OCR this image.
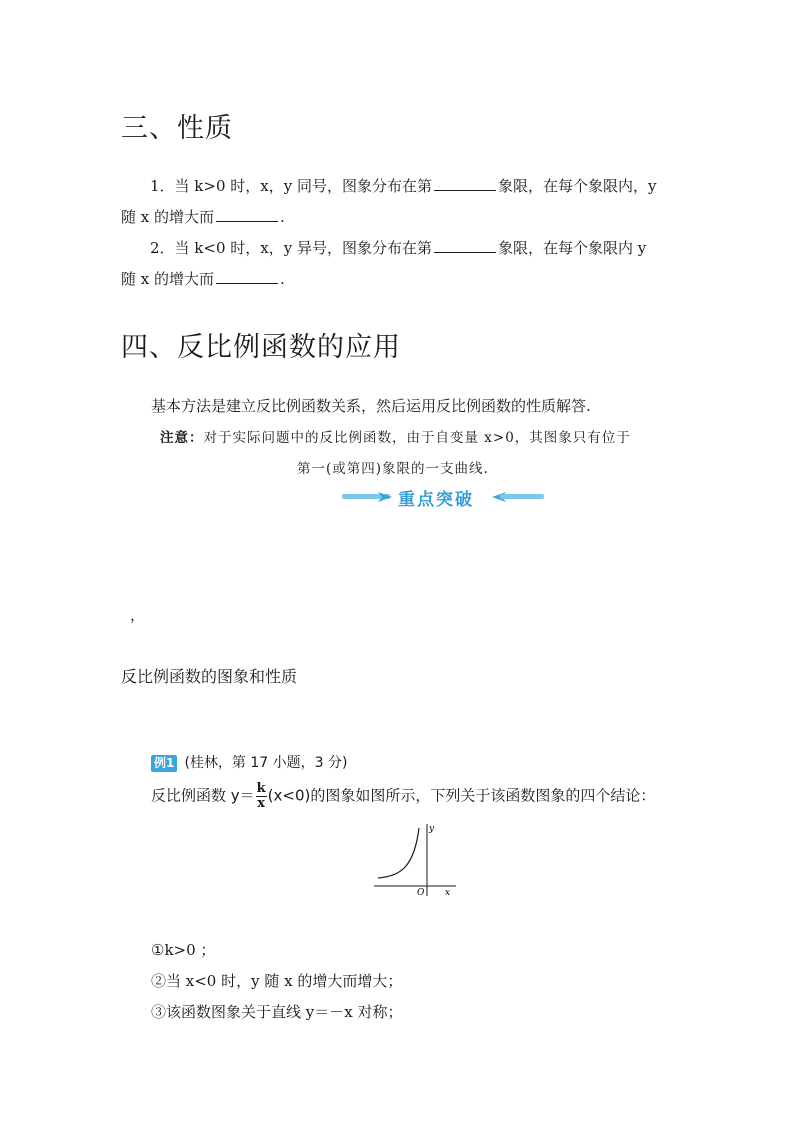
三、性质
1．当 k>0 时，x，y 同号，图象分布在第	象限，在每个象限内，y
随 x 的增大而	.
2．当 k<0 时，x，y 异号，图象分布在第	象限，在每个象限内 y
随 x 的增大而	.
四、反比例函数的应用
基本方法是建立反比例函数关系，然后运用反比例函数的性质解答.
注意：对于实际问题中的反比例函数，由于自变量 x>0，其图象只有位于
第一(或第四)象限的一支曲线.
重点突破
，
反比例函数的图象和性质
例1 (桂林，第 17 小题，3 分)
反比例函数 $y= \frac{k}{x} (x<0)$的图象如图所示，下列关于该函数图象的四个结论：
y
x
O
①k>0 ；
②当 x<0 时，y 随 x 的增大而增大；
③该函数图象关于直线 y＝－x 对称；
